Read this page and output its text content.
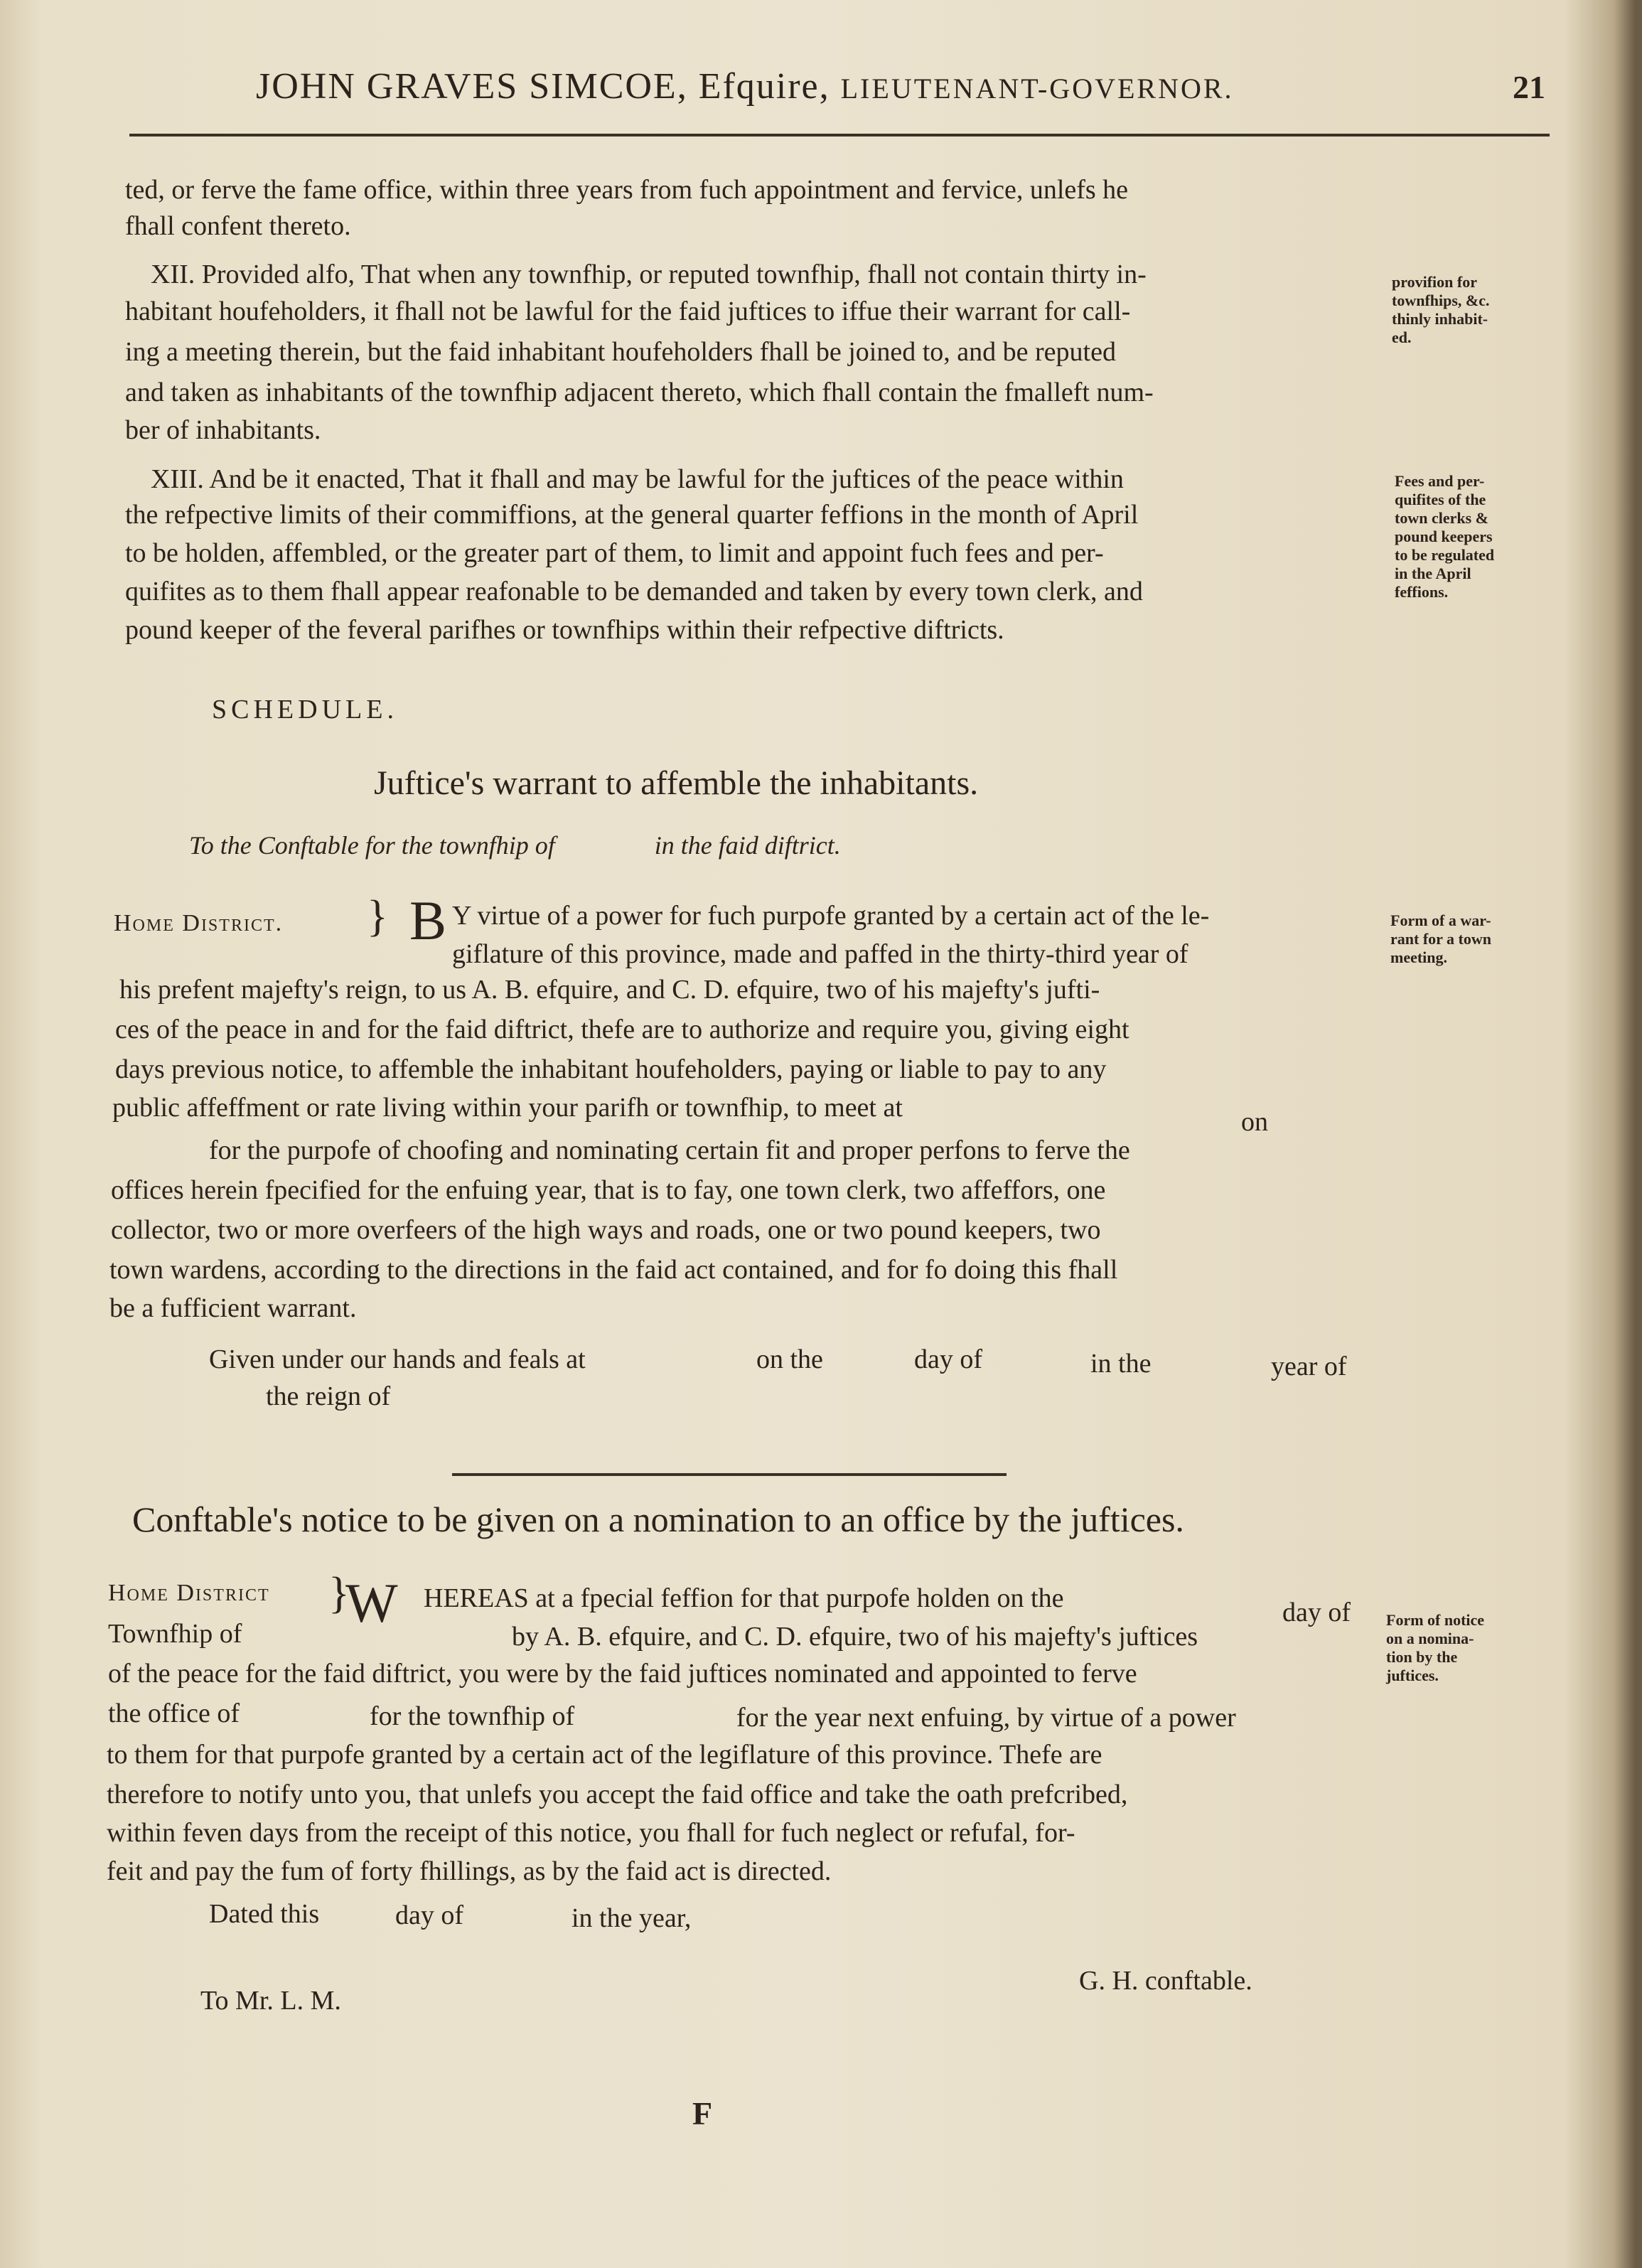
JOHN GRAVES SIMCOE, Efquire, LIEUTENANT-GOVERNOR.	21
ted, or ferve the fame office, within three years from fuch appointment and fervice, unlefs he
fhall confent thereto.
XII. Provided alfo, That when any townfhip, or reputed townfhip, fhall not contain thirty in-
habitant houfeholders, it fhall not be lawful for the faid juftices to iffue their warrant for call-
ing a meeting therein, but the faid inhabitant houfeholders fhall be joined to, and be reputed
and taken as inhabitants of the townfhip adjacent thereto, which fhall contain the fmalleft num-
ber of inhabitants.
XIII. And be it enacted, That it fhall and may be lawful for the juftices of the peace within
the refpective limits of their commiffions, at the general quarter feffions in the month of April
to be holden, affembled, or the greater part of them, to limit and appoint fuch fees and per-
quifites as to them fhall appear reafonable to be demanded and taken by every town clerk, and
pound keeper of the feveral parifhes or townfhips within their refpective diftricts.
provifion for
townfhips, &c.
thinly inhabit-
ed.
Fees and per-
quifites of the
town clerks &
pound keepers
to be regulated
in the April
feffions.
Form of a war-
rant for a town
meeting.
Form of notice
on a nomina-
tion by the
juftices.
SCHEDULE.
Juftice's warrant to affemble the inhabitants.
To the Conftable for the townfhip of	in the faid diftrict.
Home District. } B Y virtue of a power for fuch purpofe granted by a certain act of the le-
giflature of this province, made and paffed in the thirty-third year of
his prefent majefty's reign, to us A. B. efquire, and C. D. efquire, two of his majefty's jufti-
ces of the peace in and for the faid diftrict, thefe are to authorize and require you, giving eight
days previous notice, to affemble the inhabitant houfeholders, paying or liable to pay to any
public affeffment or rate living within your parifh or townfhip, to meet at	on
for the purpofe of choofing and nominating certain fit and proper perfons to ferve the
offices herein fpecified for the enfuing year, that is to fay, one town clerk, two affeffors, one
collector, two or more overfeers of the high ways and roads, one or two pound keepers, two
town wardens, according to the directions in the faid act contained, and for fo doing this fhall
be a fufficient warrant.
Given under our hands and feals at	on the	day of	in the	year of
the reign of
Conftable's notice to be given on a nomination to an office by the juftices.
Home District
Townfhip of
}
W HEREAS at a fpecial feffion for that purpofe holden on the	day of
by A. B. efquire, and C. D. efquire, two of his majefty's juftices
of the peace for the faid diftrict, you were by the faid juftices nominated and appointed to ferve
the office of	for the townfhip of	for the year next enfuing, by virtue of a power
to them for that purpofe granted by a certain act of the legiflature of this province. Thefe are
therefore to notify unto you, that unlefs you accept the faid office and take the oath prefcribed,
within feven days from the receipt of this notice, you fhall for fuch neglect or refufal, for-
feit and pay the fum of forty fhillings, as by the faid act is directed.
Dated this	day of	in the year,
G. H. conftable.
To Mr. L. M.
F
